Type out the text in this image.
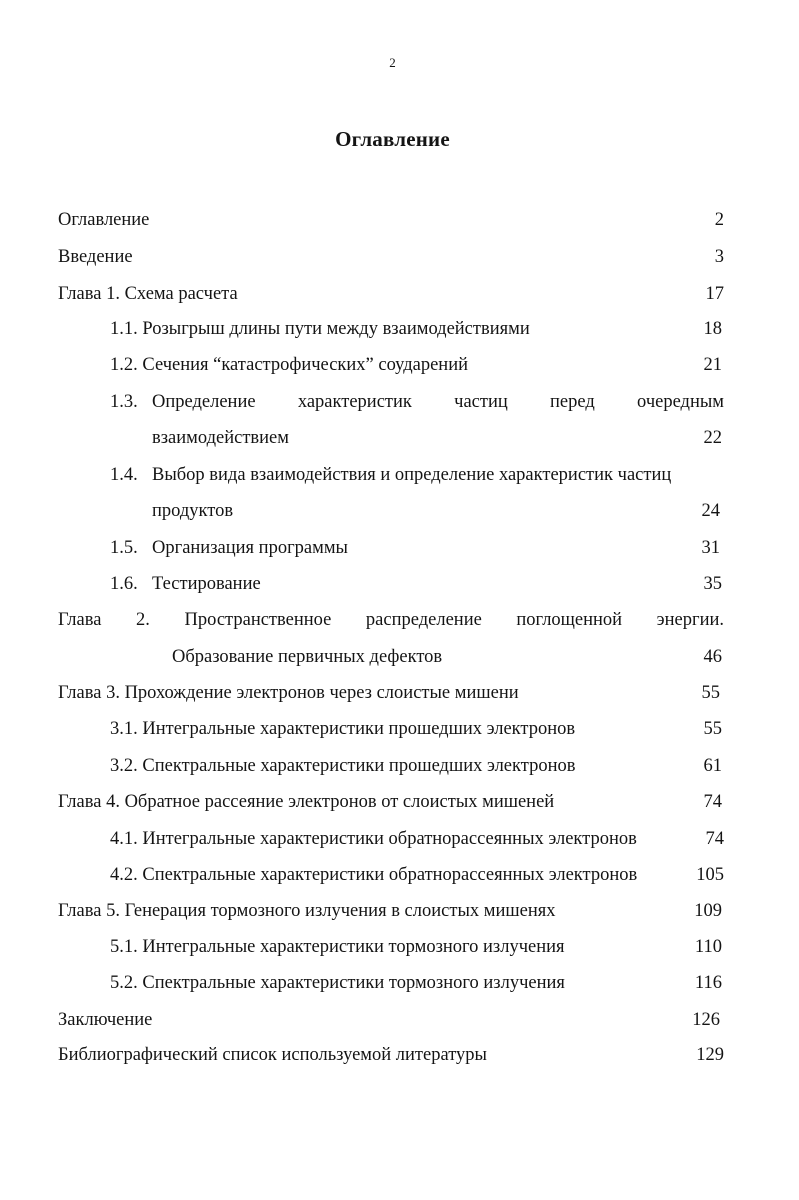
2
Оглавление
Оглавление	2
Введение	3
Глава 1. Схема расчета	17
1.1. Розыгрыш длины пути между взаимодействиями	18
1.2. Сечения “катастрофических” соударений	21
1.3. Определение характеристик частиц перед очередным
взаимодействием	22
1.4. Выбор вида взаимодействия и определение характеристик частиц
продуктов	24
1.5. Организация программы	31
1.6. Тестирование	35
Глава 2. Пространственное распределение поглощенной энергии.
Образование первичных дефектов	46
Глава 3. Прохождение электронов через слоистые мишени	55
3.1. Интегральные характеристики прошедших электронов	55
3.2. Спектральные характеристики прошедших электронов	61
Глава 4. Обратное рассеяние электронов от слоистых мишеней	74
4.1. Интегральные характеристики обратнорассеянных электронов	74
4.2. Спектральные характеристики обратнорассеянных электронов	105
Глава 5. Генерация тормозного излучения в слоистых мишенях	109
5.1. Интегральные характеристики тормозного излучения	110
5.2. Спектральные характеристики тормозного излучения	116
Заключение	126
Библиографический список используемой литературы	129
